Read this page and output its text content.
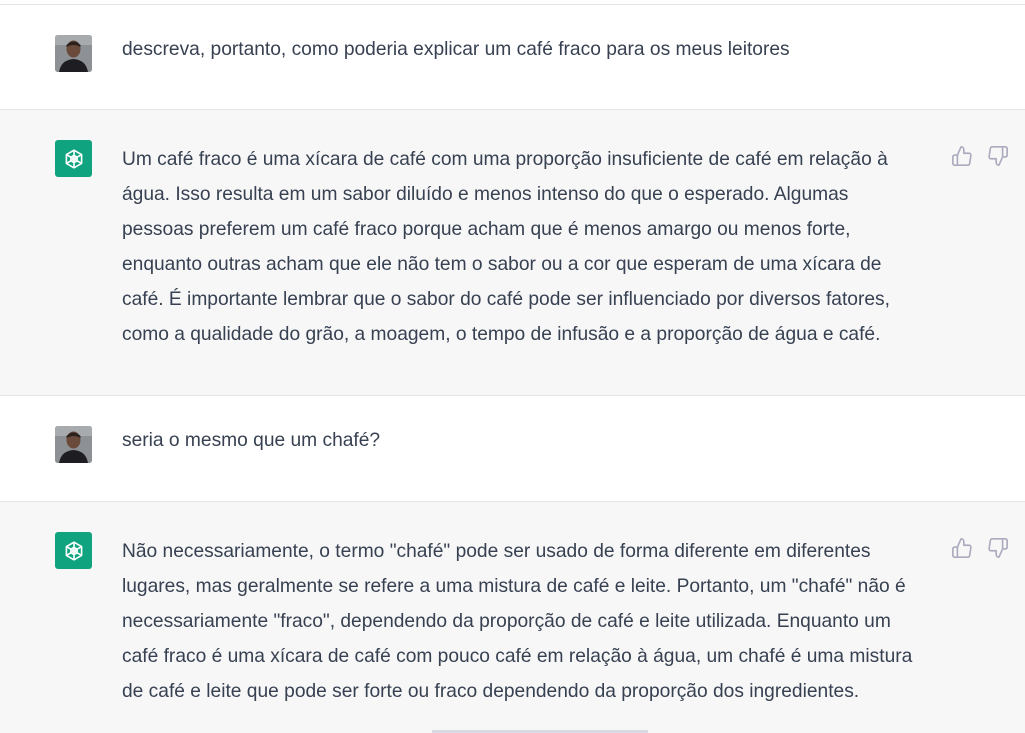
descreva, portanto, como poderia explicar um café fraco para os meus leitores

Um café fraco é uma xícara de café com uma proporção insuficiente de café em relação à
água. Isso resulta em um sabor diluído e menos intenso do que o esperado. Algumas
pessoas preferem um café fraco porque acham que é menos amargo ou menos forte,
enquanto outras acham que ele não tem o sabor ou a cor que esperam de uma xícara de
café. É importante lembrar que o sabor do café pode ser influenciado por diversos fatores,
como a qualidade do grão, a moagem, o tempo de infusão e a proporção de água e café.

seria o mesmo que um chafé?

Não necessariamente, o termo "chafé" pode ser usado de forma diferente em diferentes
lugares, mas geralmente se refere a uma mistura de café e leite. Portanto, um "chafé" não é
necessariamente "fraco", dependendo da proporção de café e leite utilizada. Enquanto um
café fraco é uma xícara de café com pouco café em relação à água, um chafé é uma mistura
de café e leite que pode ser forte ou fraco dependendo da proporção dos ingredientes.
